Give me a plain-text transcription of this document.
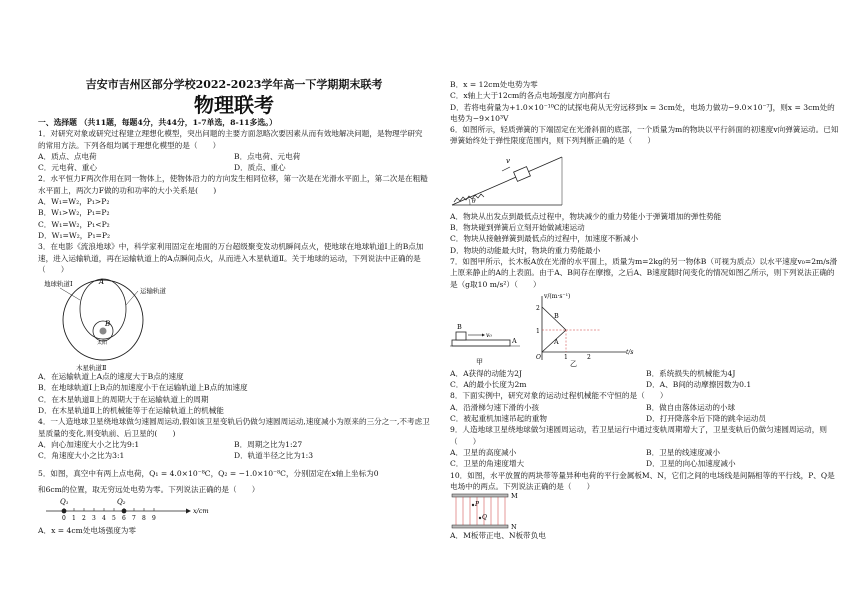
吉安市吉州区部分学校2022-2023学年高一下学期期末联考

物理联考

一、选择题 （共11题，每题4分，共44分，1-7单选，8-11多选。）

1．对研究对象或研究过程建立理想化模型，突出问题的主要方面忽略次要因素从而有效地解决问题，是物理学研究的常用方法。下列各组均属于理想化模型的是（　　）

A．质点、点电荷	B．点电荷、元电荷
C．元电荷、重心	D．质点、重心

2．水平恒力F两次作用在同一物体上，使物体沿力的方向发生相同位移，第一次是在光滑水平面上，第二次是在粗糙水平面上，两次力F做的功和功率的大小关系是(　　)

A．W₁=W₂，P₁>P₂

B．W₁>W₂，P₁=P₂

C．W₁=W₂，P₁<P₂

D．W₁=W₂，P₁=P₂

3．在电影《流浪地球》中，科学家利用固定在地面的万台超级聚变发动机瞬间点火，使地球在地球轨道Ⅰ上的B点加速，进入运输轨道，再在运输轨道上的A点瞬间点火，从而进入木星轨道Ⅱ。关于地球的运动，下列说法中正确的是（　　）

地球轨道Ⅰ
运输轨道
太阳
A
B
木星轨道Ⅱ

A．在运输轨道上A点的速度大于B点的速度

B．在地球轨道Ⅰ上B点的加速度小于在运输轨道上B点的加速度

C．在木星轨道Ⅱ上的周期大于在运输轨道上的周期

D．在木星轨道Ⅱ上的机械能等于在运输轨道上的机械能

4．一人造地球卫星绕地球做匀速圆周运动,假如该卫星变轨后仍做匀速圆周运动,速度减小为原来的三分之一,不考虑卫星质量的变化,则变轨前、后卫星的(　　)

A．向心加速度大小之比为9:1	B．周期之比为1:27
C．角速度大小之比为3:1	D．轨道半径之比为1:3

5．如图，真空中有两上点电荷，Q₁ = 4.0×10⁻⁸C，Q₂ = −1.0×10⁻⁸C，分别固定在x轴上坐标为0

和6cm的位置，取无穷远处电势为零。下列说法正确的是（　　）

Q₁	Q₂
0 1 2 3 4 5 6 7 8 9
x/cm

A．x = 4cm处电场强度为零

B．x = 12cm处电势为零

C．x轴上大于12cm的各点电场强度方向都向右

D．若将电荷量为+1.0×10⁻¹⁰C的试探电荷从无穷远移到x = 3cm处，电场力做功−9.0×10⁻⁷J，则x = 3cm处的电势为−9×10³V

6．如图所示，轻质弹簧的下端固定在光滑斜面的底部，一个质量为m的物块以平行斜面的初速度v向弹簧运动。已知弹簧始终处于弹性限度范围内，则下列判断正确的是（　　）

v
θ

A．物块从出发点到最低点过程中，物块减少的重力势能小于弹簧增加的弹性势能

B．物块碰到弹簧后立刻开始做减速运动

C．物块从接触弹簧到最低点的过程中，加速度不断减小

D．物块的动能最大时，物块的重力势能最小

7．如图甲所示，长木板A放在光滑的水平面上，质量为m=2kg的另一物体B（可视为质点）以水平速度v₀=2m/s滑上原来静止的A的上表面。由于A、B间存在摩擦，之后A、B速度随时间变化的情况如图乙所示，则下列说法正确的是（g取10 m/s²）（　　）

B
v₀
A
甲
v/(m·s⁻¹)
t/s
2
1
O	1	2
B
A
乙
A．A获得的动能为2J	B．系统损失的机械能为4J
C．A的最小长度为2m	D．A、B间的动摩擦因数为0.1

8．下面实例中，研究对象的运动过程机械能不守恒的是（　　）

A．沿滑梯匀速下滑的小孩	B．做自由落体运动的小球
C．被起重机加速吊起的重物	D．打开降落伞后下降的跳伞运动员

9．人造地球卫星绕地球做匀速圆周运动，若卫星运行中通过变轨周期增大了，卫星变轨后仍做匀速圆周运动，则（　　）

A．卫星的高度减小	B．卫星的线速度减小
C．卫星的角速度增大	D．卫星的向心加速度减小

10．如图，水平放置的两块带等量异种电荷的平行金属板M、N，它们之间的电场线是间隔相等的平行线，P、Q是电场中的两点。下列说法正确的是（　　）

P
Q
M
N

A．M板带正电、N板带负电
